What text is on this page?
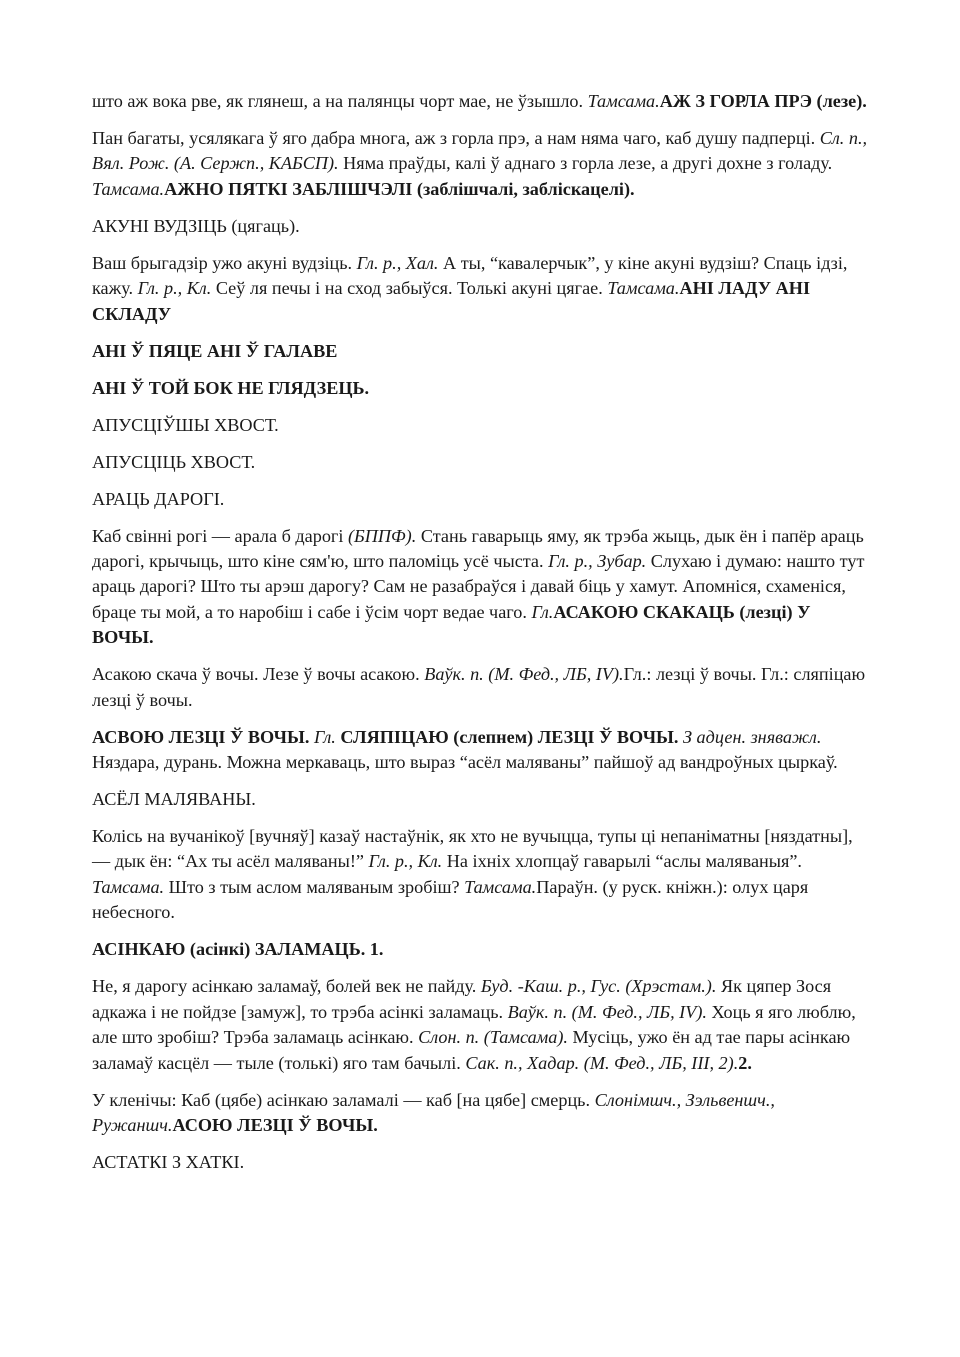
што аж вока рве, як глянеш, а на палянцы чорт мае, не ўзышло. Тамсама.АЖ З ГОРЛА ПРЭ (лезе).

Пан багаты, усялякага ў яго дабра многа, аж з горла прэ, а нам няма чаго, каб душу падперці. Сл. п., Вял. Рож. (А. Сержп., КАБСП). Няма праўды, калі ў аднаго з горла лезе, а другі дохне з голаду. Тамсама.АЖНО ПЯТКІ ЗАБЛІШЧЭЛІ (заблішчалі, заблiскацелі).

АКУНІ ВУДЗІЦЬ (цягаць).

Ваш брыгадзір ужо акуні вудзіць. Гл. р., Хал. А ты, “кавалерчык”, у кіне акуні вудзіш? Спаць ідзі, кажу. Гл. р., Кл. Сеў ля печы і на сход забыўся. Толькі акуні цягае. Тамсама.АНІ ЛАДУ АНІ СКЛАДУ

АНІ Ў ПЯЦЕ АНІ Ў ГАЛАВЕ

АНІ Ў ТОЙ БОК НЕ ГЛЯДЗЕЦЬ.

АПУСЦІЎШЫ ХВОСТ.

АПУСЦІЦЬ ХВОСТ.

АРАЦЬ ДАРОГІ.

Каб свінні рогі — арала б дарогі (БППФ). Стань гаварыць яму, як трэба жыць, дык ён і папёр араць дарогі, крычыць, што кіне сям'ю, што паломіць усё чыста. Гл. р., Зубар. Слухаю і думаю: нашто тут араць дарогі? Што ты арэш дарогу? Сам не разабраўся і давай біць у хамут. Апомніся, схаменіся, браце ты мой, а то наробіш і сабе і ўсім чорт ведае чаго. Гл.АСАКОЮ СКАКАЦЬ (лезці) У ВОЧЫ.

Асакою скача ў вочы. Лезе ў вочы асакою. Ваўк. п. (М. Фед., ЛБ, IV).Гл.: лезці ў вочы. Гл.: сляпіцаю лезці ў вочы.

АСВОЮ ЛЕЗЦІ Ў ВОЧЫ. Гл. СЛЯПІЦАЮ (слепнем) ЛЕЗЦІ Ў ВОЧЫ. З адцен. зняважл. Няздара, дурань. Можна меркаваць, што выраз “асёл маляваны” пайшоў ад вандроўных цыркаў.

АСЁЛ МАЛЯВАНЫ.

Колісь на вучанікоў [вучняў] казаў настаўнік, як хто не вучыцца, тупы ці непаніматны [няздатны], — дык ён: “Ах ты асёл маляваны!” Гл. р., Кл. На іхніх хлопцаў гаварылі “аслы маляваныя”. Тамсама. Што з тым аслом маляваным зробіш? Тамсама.Параўн. (у руск. кніжн.): олух царя небесного.

АСІНКАЮ (асінкі) ЗАЛАМАЦЬ. 1.

Не, я дарогу асінкаю заламаў, болей век не пайду. Буд. -Каш. р., Гус. (Хрэстам.). Як цяпер Зося адкажа і не пойдзе [замуж], то трэба асінкі заламаць. Ваўк. п. (М. Фед., ЛБ, IV). Хоць я яго люблю, але што зробіш? Трэба заламаць асінкаю. Слон. п. (Тамсама). Мусіць, ужо ён ад тае пары асінкаю заламаў касцёл — тыле (толькі) яго там бачылі. Сак. п., Хадар. (М. Фед., ЛБ, III, 2).2.

У кленічы: Каб (цябе) асінкаю заламалі — каб [на цябе] смерць. Слонімшч., Зэльвеншч., Ружаншч.АСОЮ ЛЕЗЦІ Ў ВОЧЫ.

АСТАТКІ З ХАТКІ.
